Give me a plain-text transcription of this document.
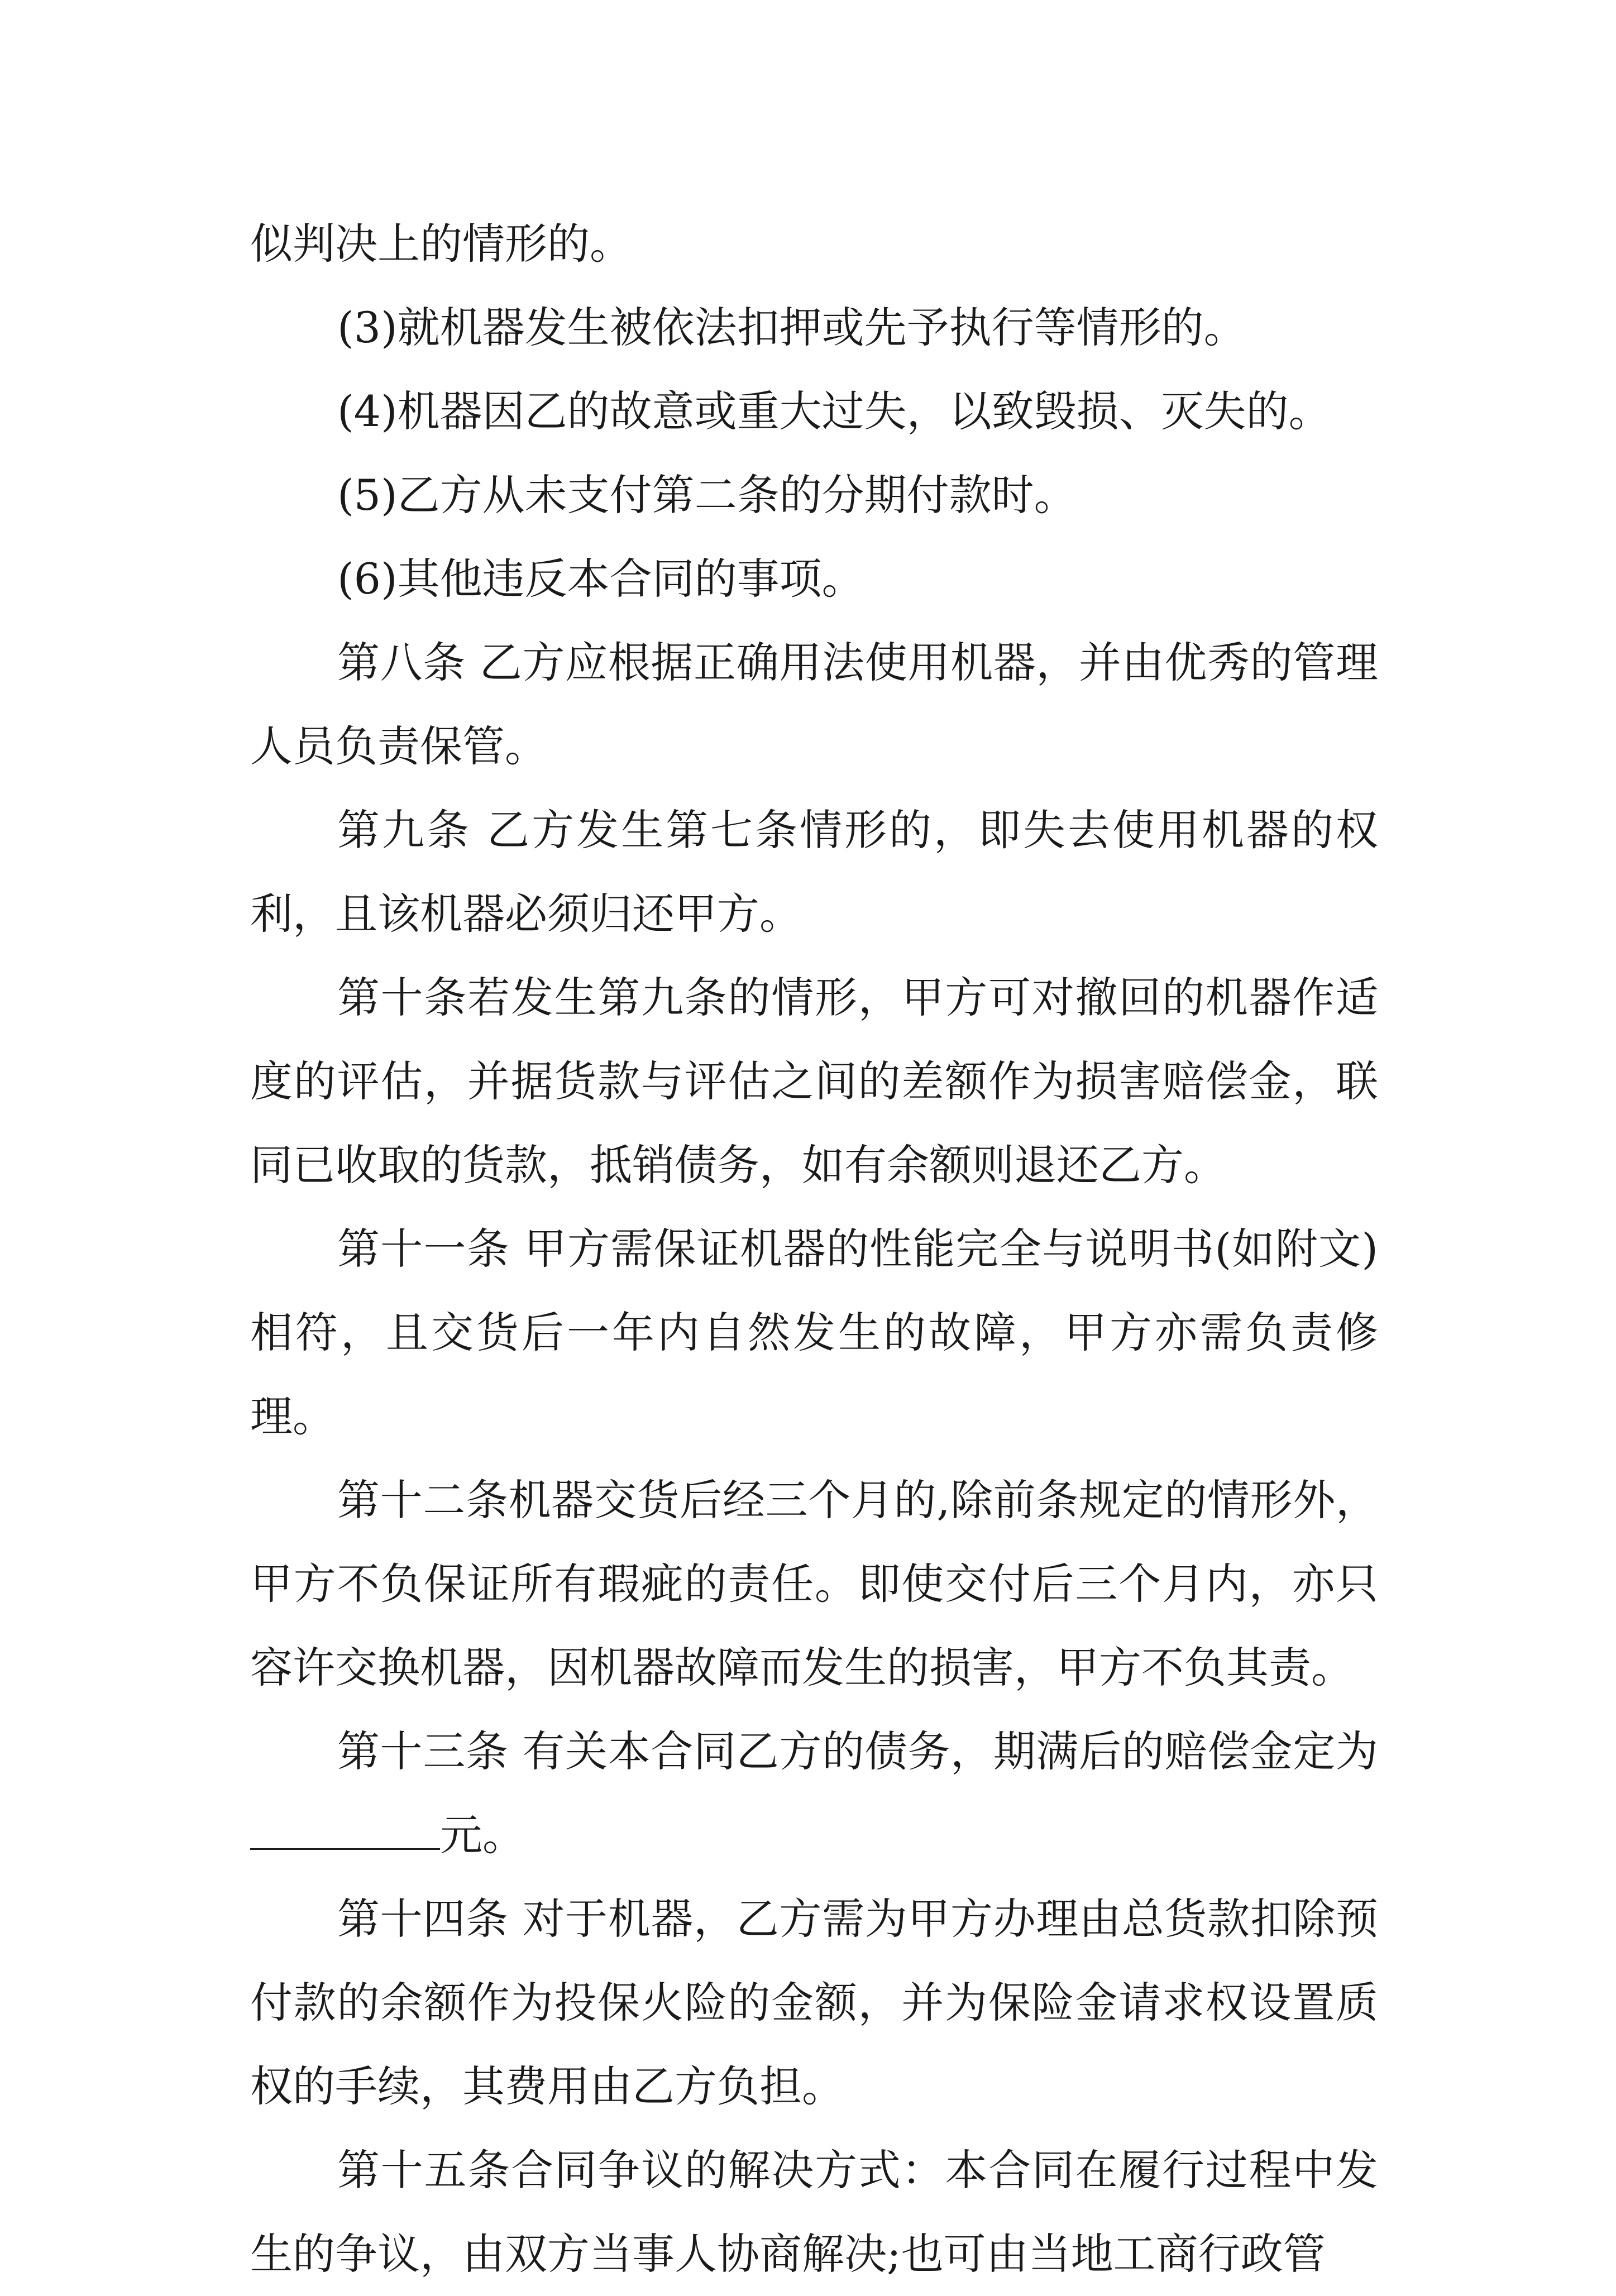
似判决上的情形的。

(3)就机器发生被依法扣押或先予执行等情形的。

(4)机器因乙的故意或重大过失，以致毁损、灭失的。

(5)乙方从未支付第二条的分期付款时。

(6)其他违反本合同的事项。

第八条 乙方应根据正确用法使用机器，并由优秀的管理人员负责保管。

第九条 乙方发生第七条情形的，即失去使用机器的权利，且该机器必须归还甲方。

第十条若发生第九条的情形，甲方可对撤回的机器作适度的评估，并据货款与评估之间的差额作为损害赔偿金，联同已收取的货款，抵销债务，如有余额则退还乙方。

第十一条 甲方需保证机器的性能完全与说明书(如附文)相符，且交货后一年内自然发生的故障，甲方亦需负责修理。

第十二条机器交货后经三个月的,除前条规定的情形外，甲方不负保证所有瑕疵的责任。即使交付后三个月内，亦只容许交换机器，因机器故障而发生的损害，甲方不负其责。

第十三条 有关本合同乙方的债务，期满后的赔偿金定为元。

第十四条 对于机器，乙方需为甲方办理由总货款扣除预付款的余额作为投保火险的金额，并为保险金请求权设置质权的手续，其费用由乙方负担。

第十五条合同争议的解决方式：本合同在履行过程中发生的争议，由双方当事人协商解决;也可由当地工商行政管
